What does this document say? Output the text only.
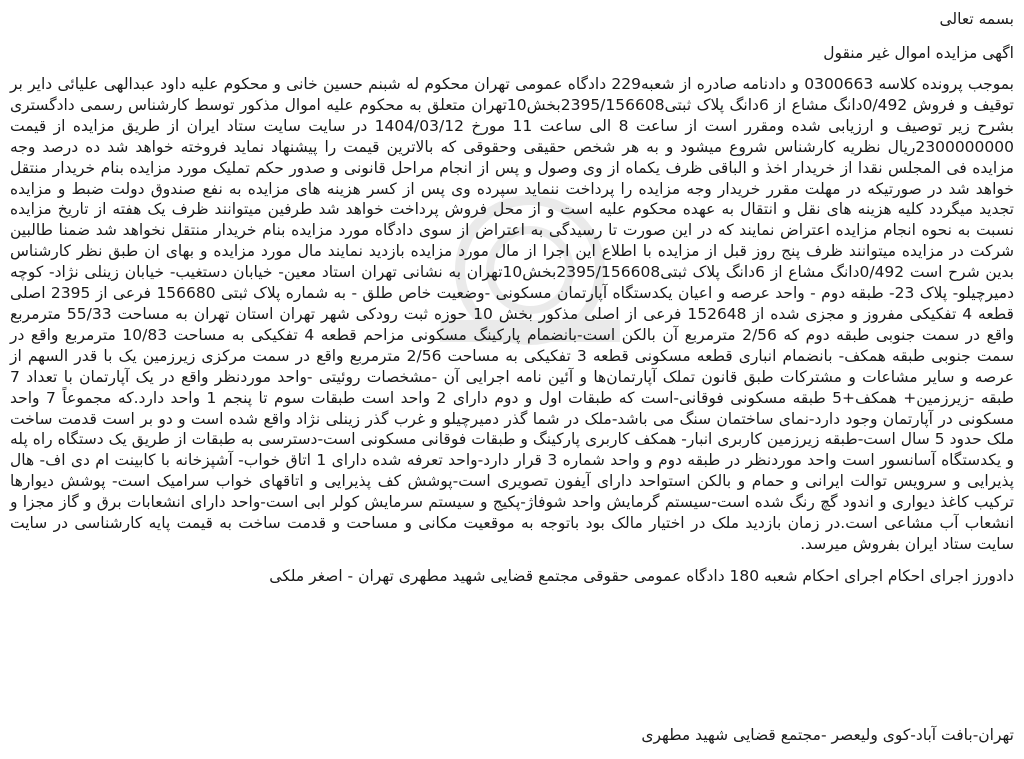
بسمه تعالی

اگهی مزایده اموال غیر منقول

بموجب پرونده کلاسه 0300663 و دادنامه صادره از شعبه229 دادگاه عمومی تهران محکوم له شبنم حسین خانی و محکوم علیه داود عبدالهی علیائی دایر بر توقیف و فروش 0/492دانگ مشاع از 6دانگ پلاک ثبتی2395/156608بخش10تهران متعلق به محکوم علیه اموال مذکور توسط کارشناس رسمی دادگستری بشرح زیر توصیف و ارزیابی شده ومقرر است از ساعت 8 الی ساعت 11 مورخ 1404/03/12 در سایت سایت ستاد ایران از طریق مزایده از قیمت 2300000000ریال نظریه کارشناس شروع میشود و به هر شخص حقیقی وحقوقی که بالاترین قیمت را پیشنهاد نماید فروخته خواهد شد ده درصد وجه مزایده فی المجلس نقدا از خریدار اخذ و الباقی ظرف یکماه از وی وصول و پس از انجام مراحل قانونی و صدور حکم تملیک مورد مزایده بنام خریدار منتقل خواهد شد در صورتیکه در مهلت مقرر خریدار وجه مزایده را پرداخت ننماید سپرده وی پس از کسر هزینه های مزایده به نفع صندوق دولت ضبط و مزایده تجدید میگردد کلیه هزینه های نقل و انتقال به عهده محکوم علیه است و از محل فروش پرداخت خواهد شد طرفین میتوانند ظرف یک هفته از تاریخ مزایده نسبت به نحوه انجام مزایده اعتراض نمایند که در این صورت تا رسیدگی به اعتراض از سوی دادگاه مورد مزایده بنام خریدار منتقل نخواهد شد ضمنا طالبین شرکت در مزایده میتوانند ظرف پنج روز قبل از مزایده با اطلاع این اجرا از مال مورد مزایده بازدید نمایند مال مورد مزایده و بهای ان طبق نظر کارشناس بدین شرح است 0/492دانگ مشاع از 6دانگ پلاک ثبتی2395/156608بخش10تهران به نشانی تهران استاد معین- خیابان دستغیب- خیابان زینلی نژاد- کوچه دمیرچیلو- پلاک 23- طبقه دوم - واحد عرصه و اعیان یکدستگاه آپارتمان مسکونی -وضعیت خاص طلق - به شماره پلاک ثبتی 156680 فرعی از 2395 اصلی قطعه 4 تفکیکی مفروز و مجزی شده از 152648 فرعی از اصلی مذکور بخش 10 حوزه ثبت رودکی شهر تهران استان تهران به مساحت 55/33 مترمربع واقع در سمت جنوبی طبقه دوم که 2/56 مترمربع آن بالکن است-بانضمام پارکینگ مسکونی مزاحم قطعه 4 تفکیکی به مساحت 10/83 مترمربع واقع در سمت جنوبی طبقه همکف- بانضمام انباری قطعه مسکونی قطعه 3 تفکیکی به مساحت 2/56 مترمربع واقع در سمت مرکزی زیرزمین یک با قدر السهم از عرصه و سایر مشاعات و مشترکات طبق قانون تملک آپارتمان‌ها و آئین نامه اجرایی آن -مشخصات روئیتی -واحد موردنظر واقع در یک آپارتمان با تعداد 7 طبقه -زیرزمین+ همکف+5 طبقه مسکونی فوقانی-است که طبقات اول و دوم دارای 2 واحد است طبقات سوم تا پنجم 1 واحد دارد.که مجموعاً 7 واحد مسکونی در آپارتمان وجود دارد-نمای ساختمان سنگ می باشد-ملک در شما گذر دمیرچیلو و غرب گذر زینلی نژاد واقع شده است و دو بر است قدمت ساخت ملک حدود 5 سال است-طبقه زیرزمین کاربری انبار- همکف کاربری پارکینگ و طبقات فوقانی مسکونی است-دسترسی به طبقات از طریق یک دستگاه راه پله و یکدستگاه آسانسور است واحد موردنظر در طبقه دوم و واحد شماره 3 قرار دارد-واحد تعرفه شده دارای 1 اتاق خواب- آشپزخانه با کابینت ام دی اف- هال پذیرایی و سرویس توالت ایرانی و حمام و بالکن استواحد دارای آیفون تصویری است-پوشش کف پذیرایی و اتاقهای خواب سرامیک است- پوشش دیوارها ترکیب کاغذ دیواری و اندود گچ رنگ شده است-سیستم گرمایش واحد شوفاژ-پکیج و سیستم سرمایش کولر ابی است-واحد دارای انشعابات برق و گاز مجزا و انشعاب آب مشاعی است.در زمان بازدید ملک در اختیار مالک بود باتوجه به موقعیت مکانی و مساحت و قدمت ساخت به قیمت پایه کارشناسی در سایت سایت ستاد ایران بفروش میرسد.
دادورز اجرای احکام اجرای احکام شعبه 180 دادگاه عمومی حقوقی مجتمع قضایی شهید مطهری تهران - اصغر ملکی
تهران-بافت آباد-کوی ولیعصر -مجتمع قضایی شهید مطهری
